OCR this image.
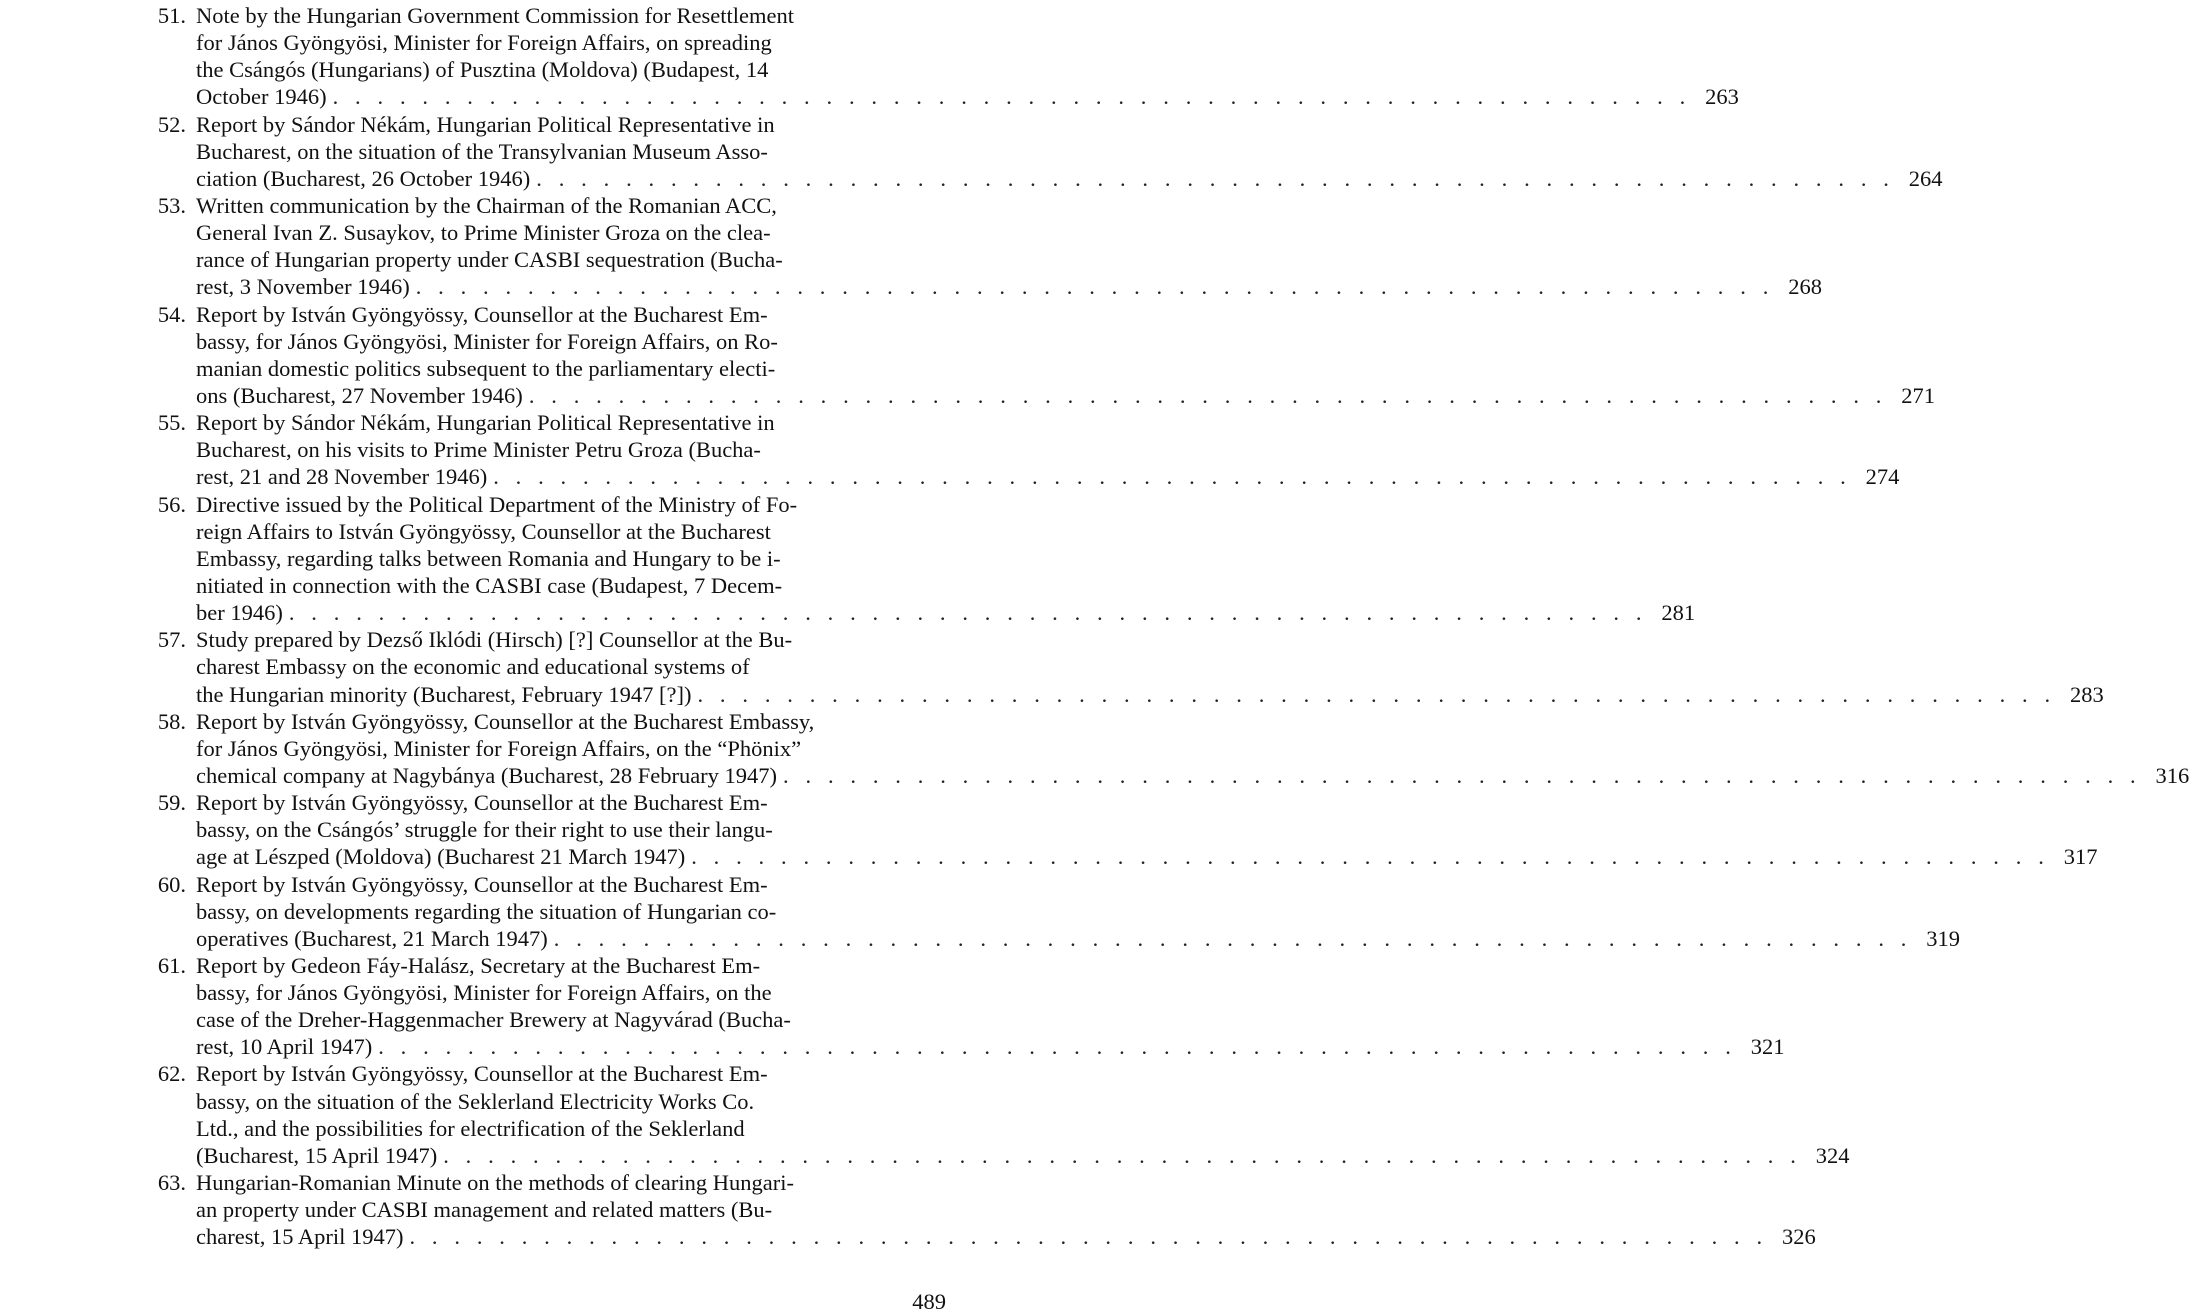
51. Note by the Hungarian Government Commission for Resettlement
for János Gyöngyösi, Minister for Foreign Affairs, on spreading
the Csángós (Hungarians) of Pusztina (Moldova) (Budapest, 14
October 1946) . . . . . . . . . . . . . . . . . . . . . . . . . . . . . . . . . . . . . . . . . . . . . . . . . . . . . . . . . . . . . 263
52. Report by Sándor Nékám, Hungarian Political Representative in
Bucharest, on the situation of the Transylvanian Museum Asso-
ciation (Bucharest, 26 October 1946) . . . . . . . . . . . . . . . . . . . . . . . . . . . . . . . . . . . . . . . . . . . . . . . . . . . . . . . . . . . . . 264
53. Written communication by the Chairman of the Romanian ACC,
General Ivan Z. Susaykov, to Prime Minister Groza on the clea-
rance of Hungarian property under CASBI sequestration (Bucha-
rest, 3 November 1946) . . . . . . . . . . . . . . . . . . . . . . . . . . . . . . . . . . . . . . . . . . . . . . . . . . . . . . . . . . . . . 268
54. Report by István Gyöngyössy, Counsellor at the Bucharest Em-
bassy, for János Gyöngyösi, Minister for Foreign Affairs, on Ro-
manian domestic politics subsequent to the parliamentary electi-
ons (Bucharest, 27 November 1946) . . . . . . . . . . . . . . . . . . . . . . . . . . . . . . . . . . . . . . . . . . . . . . . . . . . . . . . . . . . . . 271
55. Report by Sándor Nékám, Hungarian Political Representative in
Bucharest, on his visits to Prime Minister Petru Groza (Bucha-
rest, 21 and 28 November 1946) . . . . . . . . . . . . . . . . . . . . . . . . . . . . . . . . . . . . . . . . . . . . . . . . . . . . . . . . . . . . . 274
56. Directive issued by the Political Department of the Ministry of Fo-
reign Affairs to István Gyöngyössy, Counsellor at the Bucharest
Embassy, regarding talks between Romania and Hungary to be i-
nitiated in connection with the CASBI case (Budapest, 7 Decem-
ber 1946) . . . . . . . . . . . . . . . . . . . . . . . . . . . . . . . . . . . . . . . . . . . . . . . . . . . . . . . . . . . . . 281
57. Study prepared by Dezső Iklódi (Hirsch) [?] Counsellor at the Bu-
charest Embassy on the economic and educational systems of
the Hungarian minority (Bucharest, February 1947 [?]) . . . . . . . . . . . . . . . . . . . . . . . . . . . . . . . . . . . . . . . . . . . . . . . . . . . . . . . . . . . . . 283
58. Report by István Gyöngyössy, Counsellor at the Bucharest Embassy,
for János Gyöngyösi, Minister for Foreign Affairs, on the “Phönix”
chemical company at Nagybánya (Bucharest, 28 February 1947) . . . . . . . . . . . . . . . . . . . . . . . . . . . . . . . . . . . . . . . . . . . . . . . . . . . . . . . . . . . . . 316
59. Report by István Gyöngyössy, Counsellor at the Bucharest Em-
bassy, on the Csángós’ struggle for their right to use their langu-
age at Lészped (Moldova) (Bucharest 21 March 1947) . . . . . . . . . . . . . . . . . . . . . . . . . . . . . . . . . . . . . . . . . . . . . . . . . . . . . . . . . . . . . 317
60. Report by István Gyöngyössy, Counsellor at the Bucharest Em-
bassy, on developments regarding the situation of Hungarian co-
operatives (Bucharest, 21 March 1947) . . . . . . . . . . . . . . . . . . . . . . . . . . . . . . . . . . . . . . . . . . . . . . . . . . . . . . . . . . . . . 319
61. Report by Gedeon Fáy-Halász, Secretary at the Bucharest Em-
bassy, for János Gyöngyösi, Minister for Foreign Affairs, on the
case of the Dreher-Haggenmacher Brewery at Nagyvárad (Bucha-
rest, 10 April 1947) . . . . . . . . . . . . . . . . . . . . . . . . . . . . . . . . . . . . . . . . . . . . . . . . . . . . . . . . . . . . . 321
62. Report by István Gyöngyössy, Counsellor at the Bucharest Em-
bassy, on the situation of the Seklerland Electricity Works Co.
Ltd., and the possibilities for electrification of the Seklerland
(Bucharest, 15 April 1947) . . . . . . . . . . . . . . . . . . . . . . . . . . . . . . . . . . . . . . . . . . . . . . . . . . . . . . . . . . . . . 324
63. Hungarian-Romanian Minute on the methods of clearing Hungari-
an property under CASBI management and related matters (Bu-
charest, 15 April 1947) . . . . . . . . . . . . . . . . . . . . . . . . . . . . . . . . . . . . . . . . . . . . . . . . . . . . . . . . . . . . . 326
489
